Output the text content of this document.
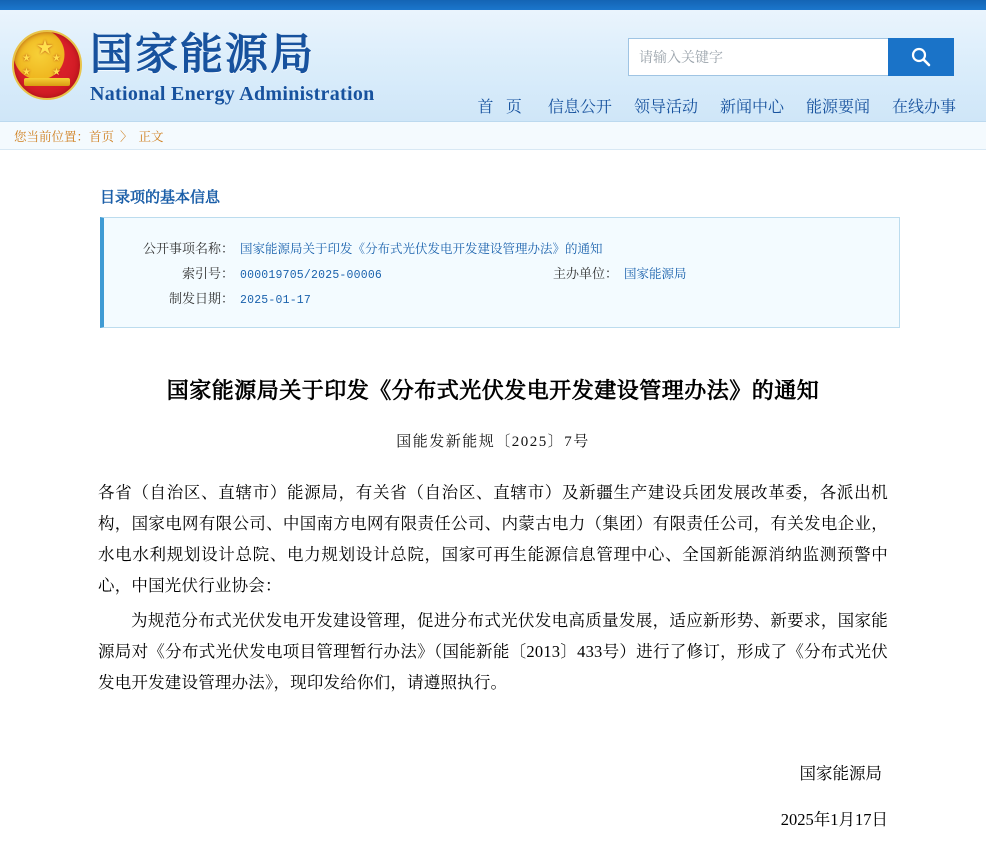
★
★
★
★
★ 国家能源局
National Energy Administration
请输入关键字
首 页 信息公开 领导活动 新闻中心 能源要闻 在线办事
您当前位置： 首页 〉 正文
目录项的基本信息
公开事项名称： 国家能源局关于印发《分布式光伏发电开发建设管理办法》的通知
索引号： 000019705/2025-00006	主办单位： 国家能源局
制发日期： 2025-01-17
国家能源局关于印发《分布式光伏发电开发建设管理办法》的通知
国能发新能规〔2025〕7号

各省（自治区、直辖市）能源局，有关省（自治区、直辖市）及新疆生产建设兵团发展改革委，各派出机构，国家电网有限公司、中国南方电网有限责任公司、内蒙古电力（集团）有限责任公司，有关发电企业，水电水利规划设计总院、电力规划设计总院，国家可再生能源信息管理中心、全国新能源消纳监测预警中心，中国光伏行业协会：

为规范分布式光伏发电开发建设管理，促进分布式光伏发电高质量发展，适应新形势、新要求，国家能源局对《分布式光伏发电项目管理暂行办法》（国能新能〔2013〕433号）进行了修订，形成了《分布式光伏发电开发建设管理办法》，现印发给你们，请遵照执行。

国家能源局
2025年1月17日
